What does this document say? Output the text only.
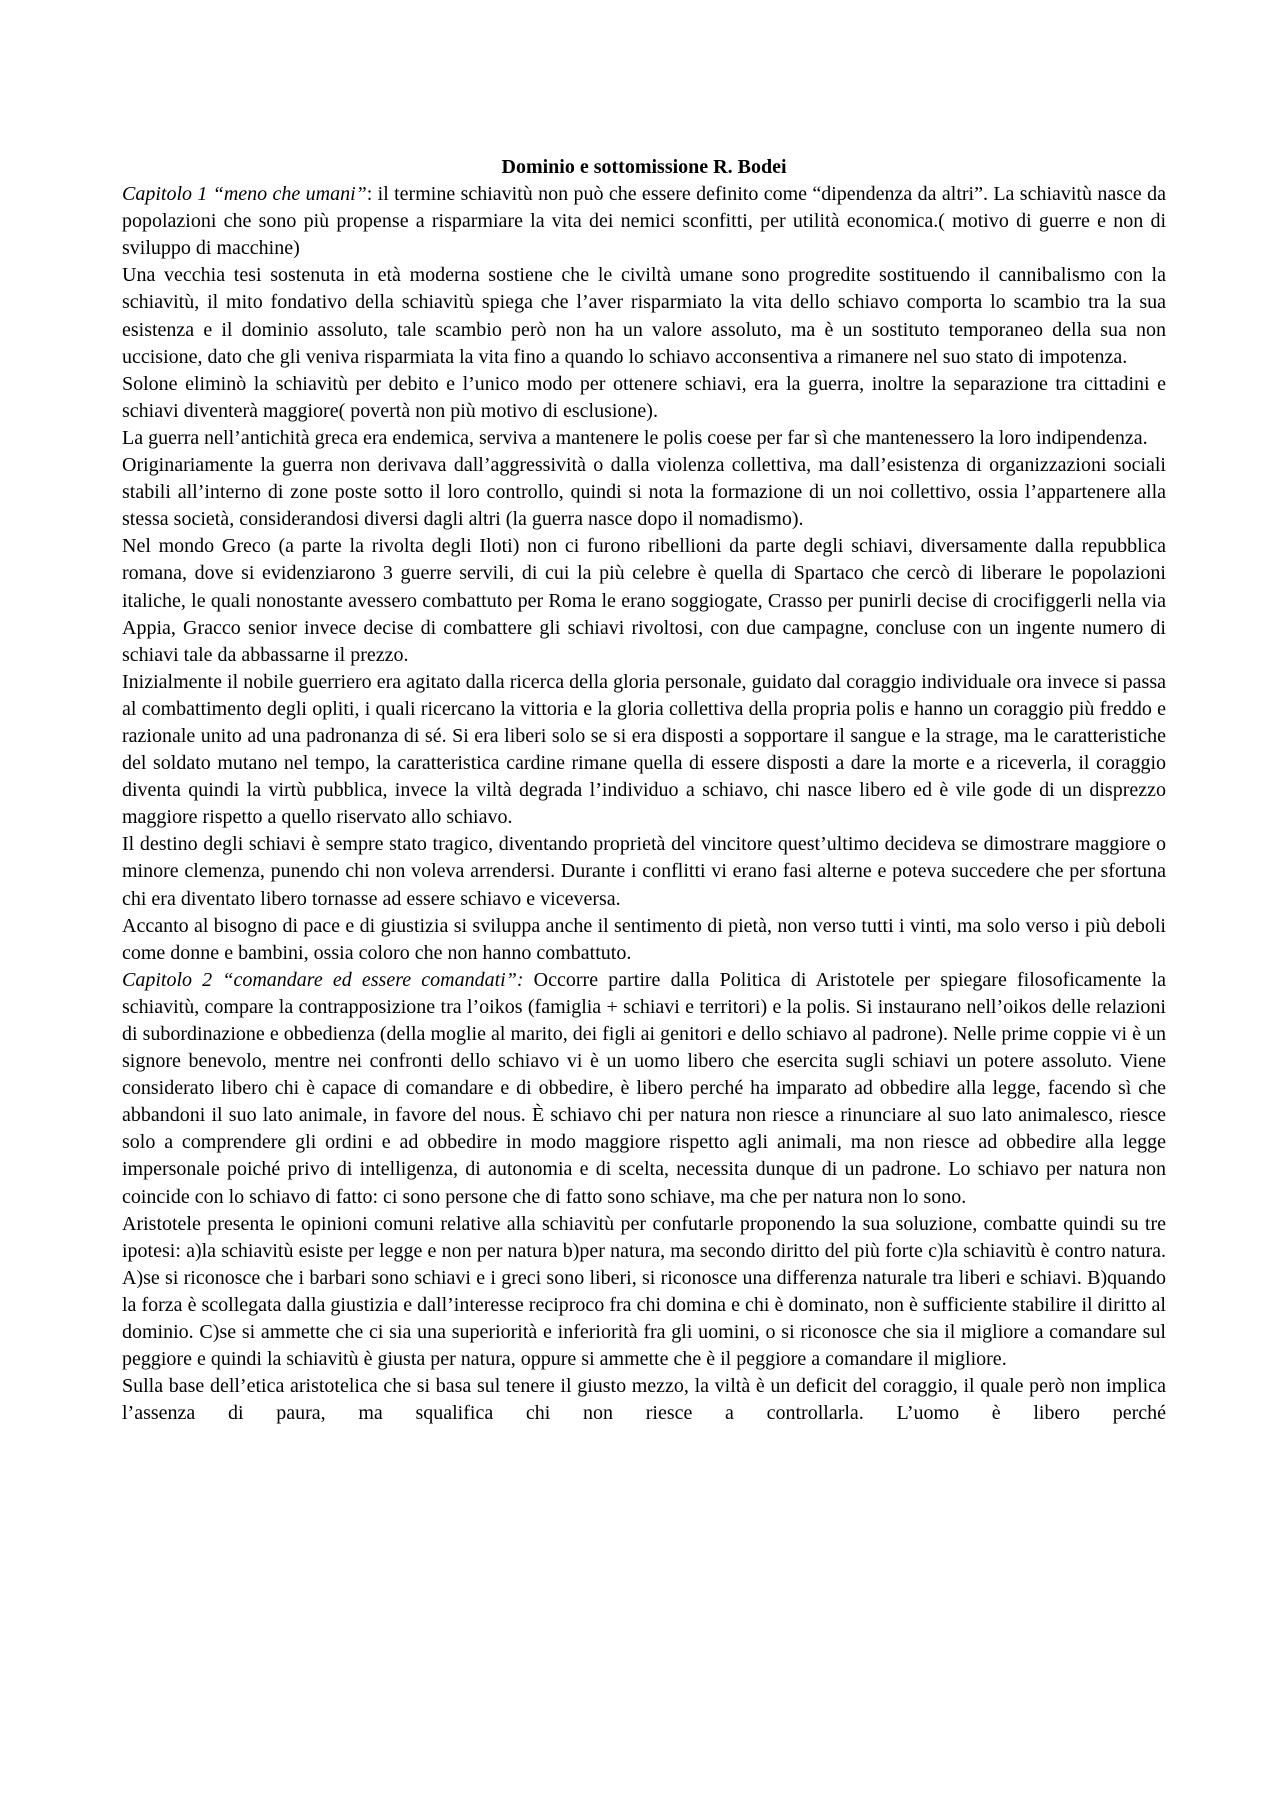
Dominio e sottomissione R. Bodei

Capitolo 1 “meno che umani”: il termine schiavitù non può che essere definito come “dipendenza da altri”. La schiavitù nasce da popolazioni che sono più propense a risparmiare la vita dei nemici sconfitti, per utilità economica.( motivo di guerre e non di sviluppo di macchine)

Una vecchia tesi sostenuta in età moderna sostiene che le civiltà umane sono progredite sostituendo il cannibalismo con la schiavitù, il mito fondativo della schiavitù spiega che l’aver risparmiato la vita dello schiavo comporta lo scambio tra la sua esistenza e il dominio assoluto, tale scambio però non ha un valore assoluto, ma è un sostituto temporaneo della sua non uccisione, dato che gli veniva risparmiata la vita fino a quando lo schiavo acconsentiva a rimanere nel suo stato di impotenza.

Solone eliminò la schiavitù per debito e l’unico modo per ottenere schiavi, era la guerra, inoltre la separazione tra cittadini e schiavi diventerà maggiore( povertà non più motivo di esclusione).

La guerra nell’antichità greca era endemica, serviva a mantenere le polis coese per far sì che mantenessero la loro indipendenza.

Originariamente la guerra non derivava dall’aggressività o dalla violenza collettiva, ma dall’esistenza di organizzazioni sociali stabili all’interno di zone poste sotto il loro controllo, quindi si nota la formazione di un noi collettivo, ossia l’appartenere alla stessa società, considerandosi diversi dagli altri (la guerra nasce dopo il nomadismo).

Nel mondo Greco (a parte la rivolta degli Iloti) non ci furono ribellioni da parte degli schiavi, diversamente dalla repubblica romana, dove si evidenziarono 3 guerre servili, di cui la più celebre è quella di Spartaco che cercò di liberare le popolazioni italiche, le quali nonostante avessero combattuto per Roma le erano soggiogate, Crasso per punirli decise di crocifiggerli nella via Appia, Gracco senior invece decise di combattere gli schiavi rivoltosi, con due campagne, concluse con un ingente numero di schiavi tale da abbassarne il prezzo.

Inizialmente il nobile guerriero era agitato dalla ricerca della gloria personale, guidato dal coraggio individuale ora invece si passa al combattimento degli opliti, i quali ricercano la vittoria e la gloria collettiva della propria polis e hanno un coraggio più freddo e razionale unito ad una padronanza di sé. Si era liberi solo se si era disposti a sopportare il sangue e la strage, ma le caratteristiche del soldato mutano nel tempo, la caratteristica cardine rimane quella di essere disposti a dare la morte e a riceverla, il coraggio diventa quindi la virtù pubblica, invece la viltà degrada l’individuo a schiavo, chi nasce libero ed è vile gode di un disprezzo maggiore rispetto a quello riservato allo schiavo.

Il destino degli schiavi è sempre stato tragico, diventando proprietà del vincitore quest’ultimo decideva se dimostrare maggiore o minore clemenza, punendo chi non voleva arrendersi. Durante i conflitti vi erano fasi alterne e poteva succedere che per sfortuna chi era diventato libero tornasse ad essere schiavo e viceversa.

Accanto al bisogno di pace e di giustizia si sviluppa anche il sentimento di pietà, non verso tutti i vinti, ma solo verso i più deboli come donne e bambini, ossia coloro che non hanno combattuto.

Capitolo 2 “comandare ed essere comandati”: Occorre partire dalla Politica di Aristotele per spiegare filosoficamente la schiavitù, compare la contrapposizione tra l’oikos (famiglia + schiavi e territori) e la polis. Si instaurano nell’oikos delle relazioni di subordinazione e obbedienza (della moglie al marito, dei figli ai genitori e dello schiavo al padrone). Nelle prime coppie vi è un signore benevolo, mentre nei confronti dello schiavo vi è un uomo libero che esercita sugli schiavi un potere assoluto. Viene considerato libero chi è capace di comandare e di obbedire, è libero perché ha imparato ad obbedire alla legge, facendo sì che abbandoni il suo lato animale, in favore del nous. È schiavo chi per natura non riesce a rinunciare al suo lato animalesco, riesce solo a comprendere gli ordini e ad obbedire in modo maggiore rispetto agli animali, ma non riesce ad obbedire alla legge impersonale poiché privo di intelligenza, di autonomia e di scelta, necessita dunque di un padrone. Lo schiavo per natura non coincide con lo schiavo di fatto: ci sono persone che di fatto sono schiave, ma che per natura non lo sono.

Aristotele presenta le opinioni comuni relative alla schiavitù per confutarle proponendo la sua soluzione, combatte quindi su tre ipotesi: a)la schiavitù esiste per legge e non per natura b)per natura, ma secondo diritto del più forte c)la schiavitù è contro natura. A)se si riconosce che i barbari sono schiavi e i greci sono liberi, si riconosce una differenza naturale tra liberi e schiavi. B)quando la forza è scollegata dalla giustizia e dall’interesse reciproco fra chi domina e chi è dominato, non è sufficiente stabilire il diritto al dominio. C)se si ammette che ci sia una superiorità e inferiorità fra gli uomini, o si riconosce che sia il migliore a comandare sul peggiore e quindi la schiavitù è giusta per natura, oppure si ammette che è il peggiore a comandare il migliore.

Sulla base dell’etica aristotelica che si basa sul tenere il giusto mezzo, la viltà è un deficit del coraggio, il quale però non implica l’assenza di paura, ma squalifica chi non riesce a controllarla. L’uomo è libero perché
